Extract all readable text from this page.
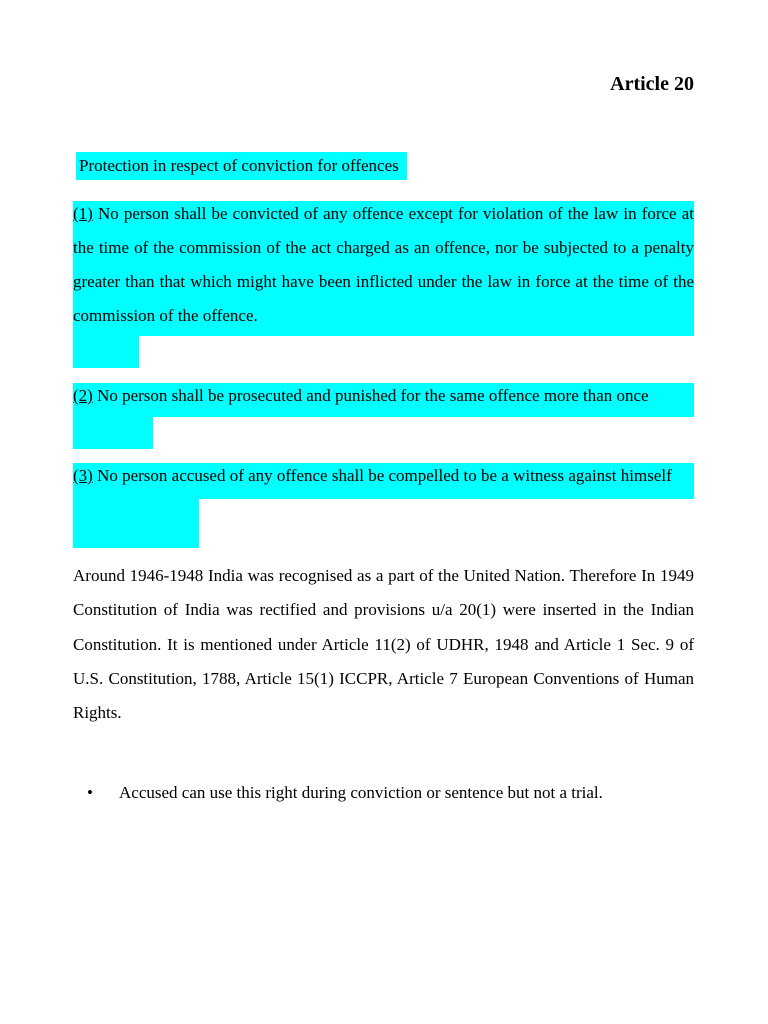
Article 20
Protection in respect of conviction for offences

(1) No person shall be convicted of any offence except for violation of the law in force at the time of the commission of the act charged as an offence, nor be subjected to a penalty greater than that which might have been inflicted under the law in force at the time of the commission of the offence.

(2) No person shall be prosecuted and punished for the same offence more than once

(3) No person accused of any offence shall be compelled to be a witness against himself

Around 1946-1948 India was recognised as a part of the United Nation. Therefore In 1949 Constitution of India was rectified and provisions u/a 20(1) were inserted in the Indian Constitution. It is mentioned under Article 11(2) of UDHR, 1948 and Article 1 Sec. 9 of U.S. Constitution, 1788, Article 15(1) ICCPR, Article 7 European Conventions of Human Rights.

• Accused can use this right during conviction or sentence but not a trial.
